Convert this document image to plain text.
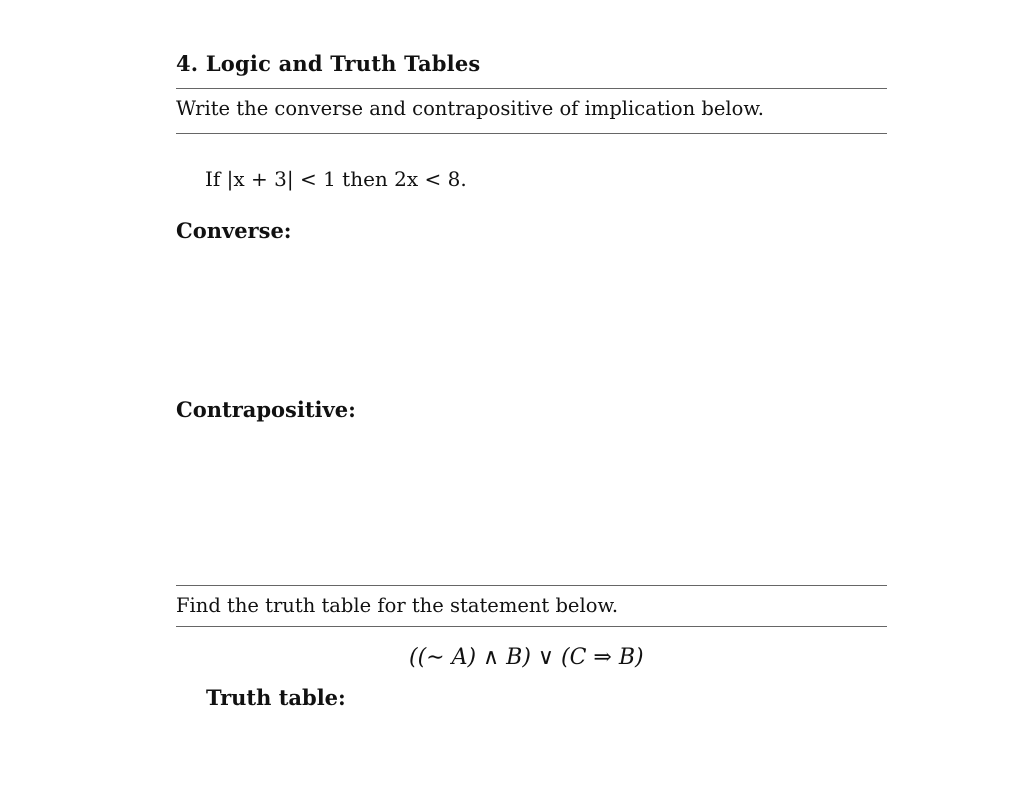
4. Logic and Truth Tables
Write the converse and contrapositive of implication below.
If |x + 3| < 1 then 2x < 8.
Converse:
Contrapositive:
Find the truth table for the statement below.
((∼ A) ∧ B) ∨ (C ⇒ B)
Truth table:
